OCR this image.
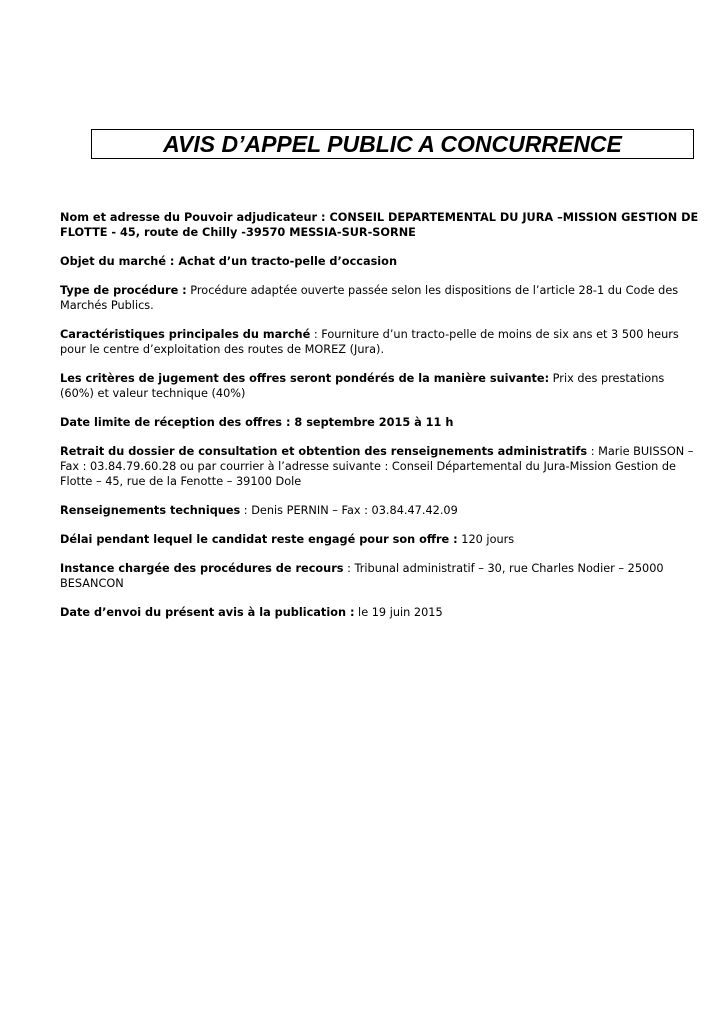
AVIS D’APPEL PUBLIC A CONCURRENCE

Nom et adresse du Pouvoir adjudicateur : CONSEIL DEPARTEMENTAL DU JURA –MISSION GESTION DE FLOTTE - 45, route de Chilly -39570 MESSIA-SUR-SORNE

Objet du marché : Achat d’un tracto-pelle d’occasion

Type de procédure : Procédure adaptée ouverte passée selon les dispositions de l’article 28-1 du Code des Marchés Publics.

Caractéristiques principales du marché : Fourniture d’un tracto-pelle de moins de six ans et 3 500 heurs pour le centre d’exploitation des routes de MOREZ (Jura).

Les critères de jugement des offres seront pondérés de la manière suivante: Prix des prestations (60%) et valeur technique (40%)

Date limite de réception des offres : 8 septembre 2015 à 11 h

Retrait du dossier de consultation et obtention des renseignements administratifs : Marie BUISSON – Fax : 03.84.79.60.28 ou par courrier à l’adresse suivante : Conseil Départemental du Jura-Mission Gestion de Flotte – 45, rue de la Fenotte – 39100 Dole

Renseignements techniques : Denis PERNIN – Fax : 03.84.47.42.09

Délai pendant lequel le candidat reste engagé pour son offre : 120 jours

Instance chargée des procédures de recours : Tribunal administratif – 30, rue Charles Nodier – 25000 BESANCON

Date d’envoi du présent avis à la publication : le 19 juin 2015
